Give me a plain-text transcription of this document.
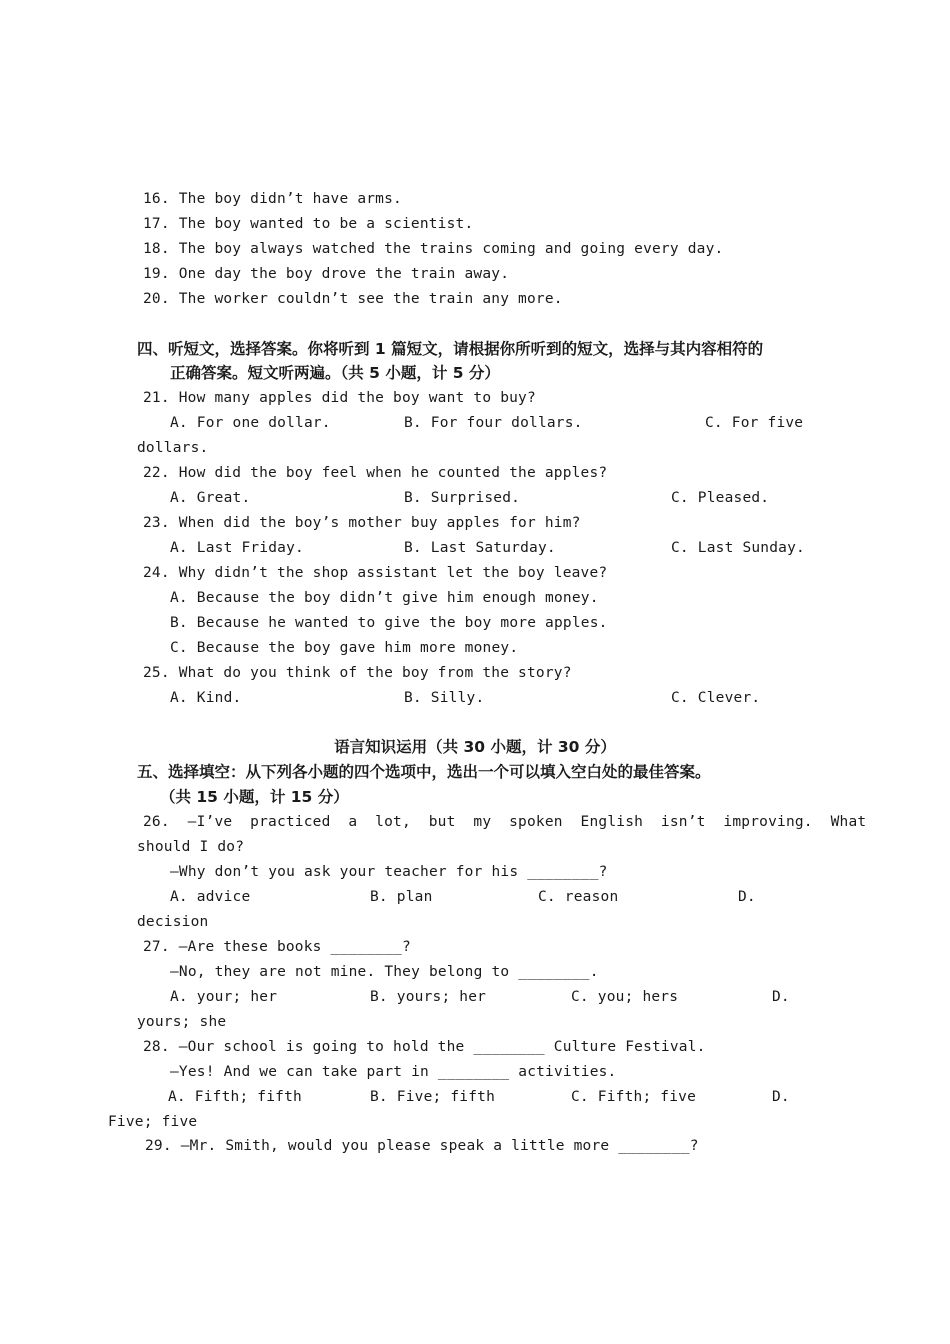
16. The boy didn’t have arms.
17. The boy wanted to be a scientist.
18. The boy always watched the trains coming and going every day.
19. One day the boy drove the train away.
20. The worker couldn’t see the train any more.
四、听短文，选择答案。你将听到 1 篇短文，请根据你所听到的短文，选择与其内容相符的
正确答案。短文听两遍。（共 5 小题，计 5 分）
21. How many apples did the boy want to buy?
A. For one dollar.	B. For four dollars.	C. For five
dollars.
22. How did the boy feel when he counted the apples?
A. Great.	B. Surprised.	C. Pleased.
23. When did the boy’s mother buy apples for him?
A. Last Friday.	B. Last Saturday.	C. Last Sunday.
24. Why didn’t the shop assistant let the boy leave?
A. Because the boy didn’t give him enough money.
B. Because he wanted to give the boy more apples.
C. Because the boy gave him more money.
25. What do you think of the boy from the story?
A. Kind.	B. Silly.	C. Clever.
语言知识运用（共 30 小题，计 30 分）
五、选择填空：从下列各小题的四个选项中，选出一个可以填入空白处的最佳答案。
（共 15 小题，计 15 分）
26.  —I’ve  practiced  a  lot,  but  my  spoken  English  isn’t  improving.  What
should I do?
—Why don’t you ask your teacher for his ________?
A. advice	B. plan	C. reason	D.
decision
27. —Are these books ________?
—No, they are not mine. They belong to ________.
A. your; her	B. yours; her	C. you; hers	D.
yours; she
28. —Our school is going to hold the ________ Culture Festival.
—Yes! And we can take part in ________ activities.
A. Fifth; fifth	B. Five; fifth	C. Fifth; five	D.
Five; five
29. —Mr. Smith, would you please speak a little more ________?
